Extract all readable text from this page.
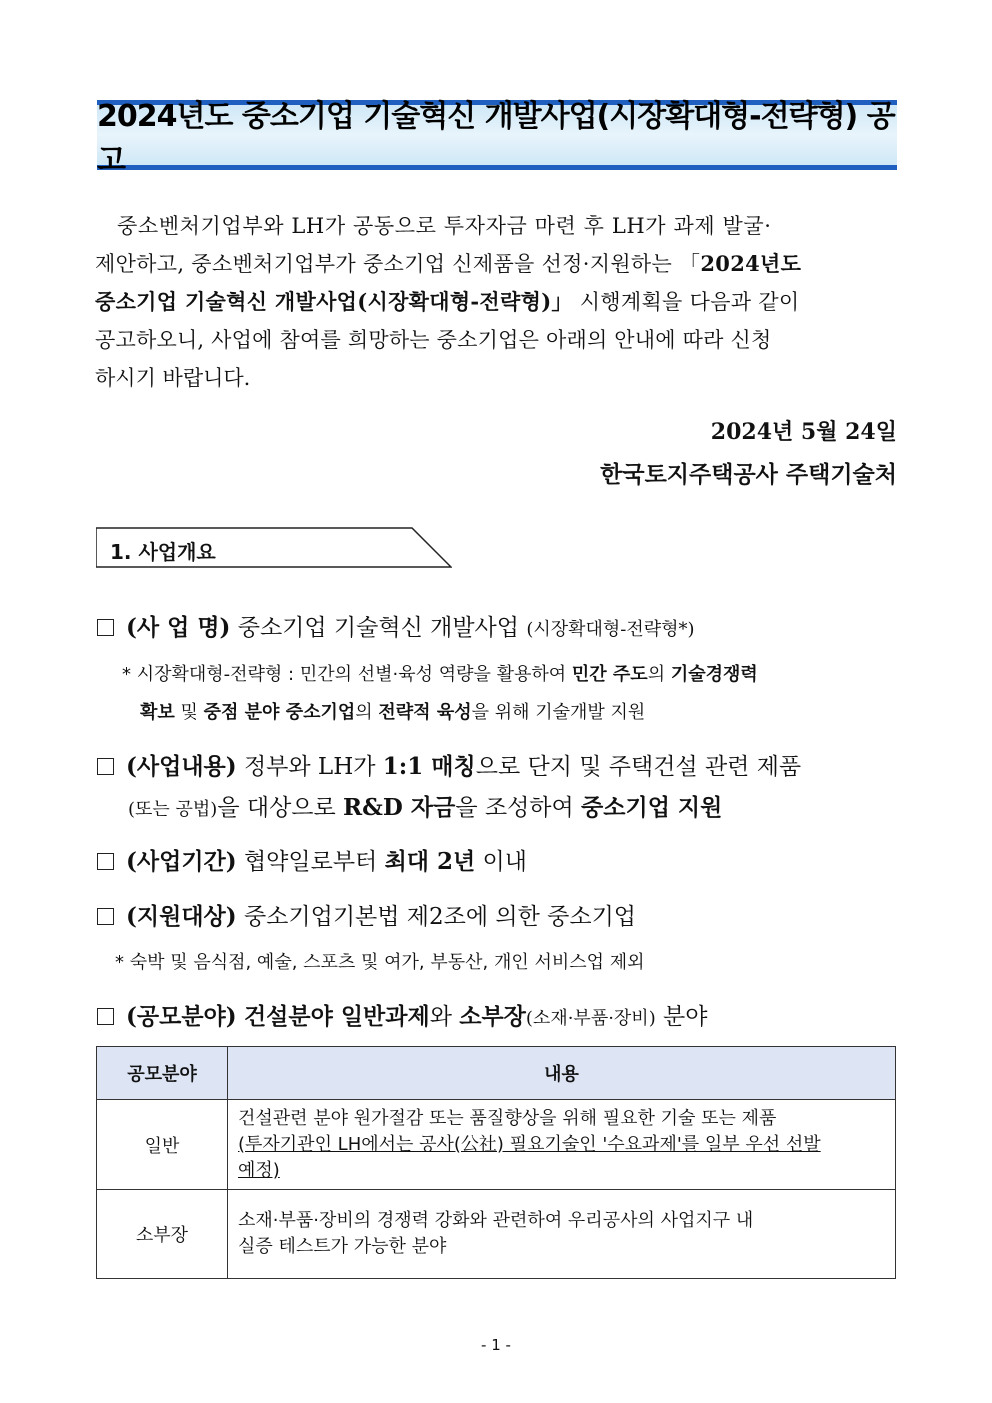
2024년도 중소기업 기술혁신 개발사업(시장확대형-전략형) 공고
중소벤처기업부와 LH가 공동으로 투자자금 마련 후 LH가 과제 발굴·
제안하고, 중소벤처기업부가 중소기업 신제품을 선정·지원하는 「2024년도
중소기업 기술혁신 개발사업(시장확대형-전략형)」 시행계획을 다음과 같이
공고하오니, 사업에 참여를 희망하는 중소기업은 아래의 안내에 따라 신청
하시기 바랍니다.
2024년 5월 24일
한국토지주택공사 주택기술처
1. 사업개요
(사 업 명) 중소기업 기술혁신 개발사업 (시장확대형-전략형*)
* 시장확대형-전략형 : 민간의 선별·육성 역량을 활용하여 민간 주도의 기술경쟁력
확보 및 중점 분야 중소기업의 전략적 육성을 위해 기술개발 지원
(사업내용) 정부와 LH가 1:1 매칭으로 단지 및 주택건설 관련 제품
(또는 공법)을 대상으로 R&D 자금을 조성하여 중소기업 지원
(사업기간) 협약일로부터 최대 2년 이내
(지원대상) 중소기업기본법 제2조에 의한 중소기업
* 숙박 및 음식점, 예술, 스포츠 및 여가, 부동산, 개인 서비스업 제외
(공모분야) 건설분야 일반과제와 소부장(소재·부품·장비) 분야
공모분야	내용
일반	건설관련 분야 원가절감 또는 품질향상을 위해 필요한 기술 또는 제품
(투자기관인 LH에서는 공사(公社) 필요기술인 '수요과제'를 일부 우선 선발
예정)

소부장	소재·부품·장비의 경쟁력 강화와 관련하여 우리공사의 사업지구 내
실증 테스트가 가능한 분야
- 1 -
